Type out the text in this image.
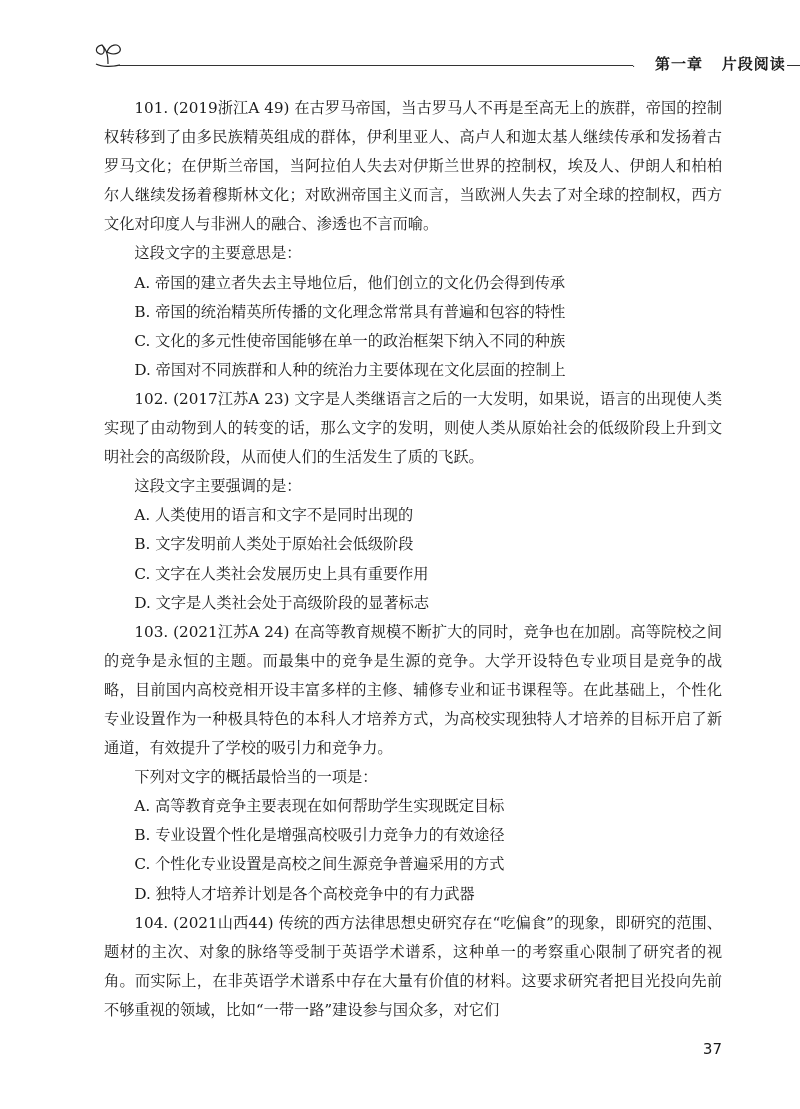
· 第一章 片段阅读

101. (2019浙江A 49) 在古罗马帝国，当古罗马人不再是至高无上的族群，帝国的控制权转移到了由多民族精英组成的群体，伊利里亚人、高卢人和迦太基人继续传承和发扬着古罗马文化；在伊斯兰帝国，当阿拉伯人失去对伊斯兰世界的控制权，埃及人、伊朗人和柏柏尔人继续发扬着穆斯林文化；对欧洲帝国主义而言，当欧洲人失去了对全球的控制权，西方文化对印度人与非洲人的融合、渗透也不言而喻。

这段文字的主要意思是：

A. 帝国的建立者失去主导地位后，他们创立的文化仍会得到传承

B. 帝国的统治精英所传播的文化理念常常具有普遍和包容的特性

C. 文化的多元性使帝国能够在单一的政治框架下纳入不同的种族

D. 帝国对不同族群和人种的统治力主要体现在文化层面的控制上

102. (2017江苏A 23) 文字是人类继语言之后的一大发明，如果说，语言的出现使人类实现了由动物到人的转变的话，那么文字的发明，则使人类从原始社会的低级阶段上升到文明社会的高级阶段，从而使人们的生活发生了质的飞跃。

这段文字主要强调的是：

A. 人类使用的语言和文字不是同时出现的

B. 文字发明前人类处于原始社会低级阶段

C. 文字在人类社会发展历史上具有重要作用

D. 文字是人类社会处于高级阶段的显著标志

103. (2021江苏A 24) 在高等教育规模不断扩大的同时，竞争也在加剧。高等院校之间的竞争是永恒的主题。而最集中的竞争是生源的竞争。大学开设特色专业项目是竞争的战略，目前国内高校竞相开设丰富多样的主修、辅修专业和证书课程等。在此基础上，个性化专业设置作为一种极具特色的本科人才培养方式，为高校实现独特人才培养的目标开启了新通道，有效提升了学校的吸引力和竞争力。

下列对文字的概括最恰当的一项是：

A. 高等教育竞争主要表现在如何帮助学生实现既定目标

B. 专业设置个性化是增强高校吸引力竞争力的有效途径

C. 个性化专业设置是高校之间生源竞争普遍采用的方式

D. 独特人才培养计划是各个高校竞争中的有力武器

104. (2021山西44) 传统的西方法律思想史研究存在“吃偏食”的现象，即研究的范围、题材的主次、对象的脉络等受制于英语学术谱系，这种单一的考察重心限制了研究者的视角。而实际上，在非英语学术谱系中存在大量有价值的材料。这要求研究者把目光投向先前不够重视的领域，比如“一带一路”建设参与国众多，对它们

37
